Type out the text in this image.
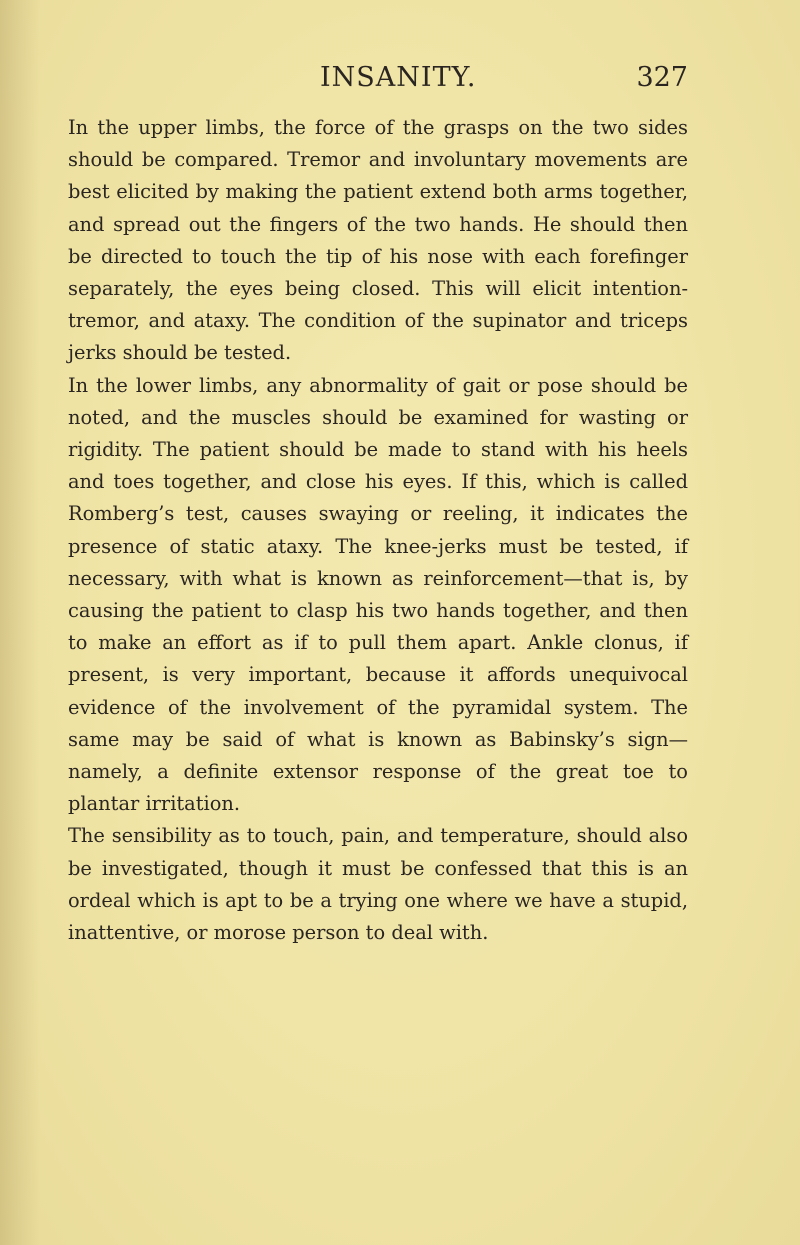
INSANITY.	327

In the upper limbs, the force of the grasps on the two sides should be compared. Tremor and involuntary movements are best elicited by making the patient extend both arms together, and spread out the fingers of the two hands. He should then be directed to touch the tip of his nose with each forefinger separately, the eyes being closed. This will elicit intention-tremor, and ataxy. The condition of the supinator and triceps jerks should be tested.

In the lower limbs, any abnormality of gait or pose should be noted, and the muscles should be examined for wasting or rigidity. The patient should be made to stand with his heels and toes together, and close his eyes. If this, which is called Romberg’s test, causes swaying or reeling, it indicates the presence of static ataxy. The knee-jerks must be tested, if necessary, with what is known as reinforcement—that is, by causing the patient to clasp his two hands together, and then to make an effort as if to pull them apart. Ankle clonus, if present, is very important, because it affords unequivocal evidence of the involvement of the pyramidal system. The same may be said of what is known as Babinsky’s sign—namely, a definite extensor response of the great toe to plantar irritation.

The sensibility as to touch, pain, and temperature, should also be investigated, though it must be confessed that this is an ordeal which is apt to be a trying one where we have a stupid, inattentive, or morose person to deal with.
